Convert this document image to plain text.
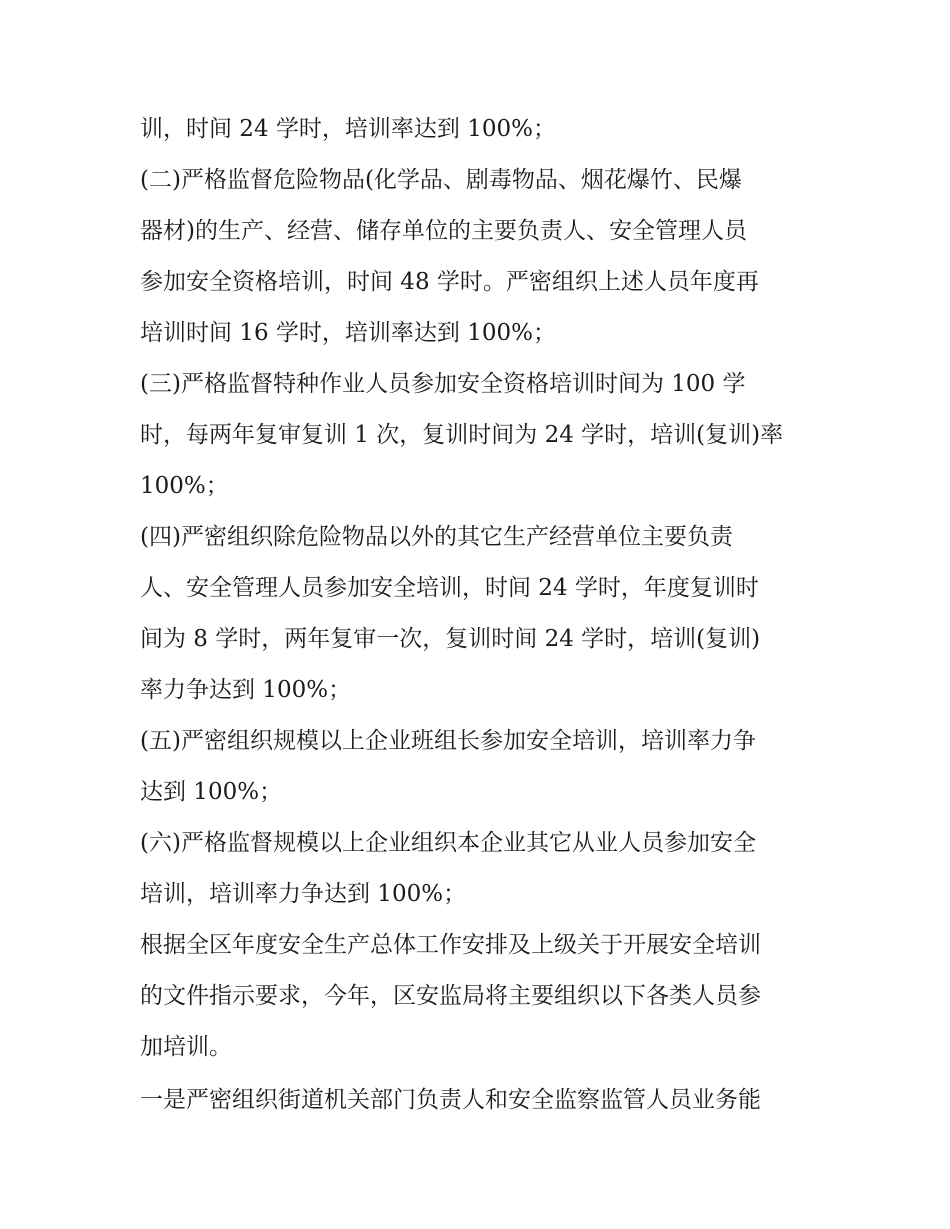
训，时间 24 学时，培训率达到 100%；
(二)严格监督危险物品(化学品、剧毒物品、烟花爆竹、民爆
器材)的生产、经营、储存单位的主要负责人、安全管理人员
参加安全资格培训，时间 48 学时。严密组织上述人员年度再
培训时间 16 学时，培训率达到 100%；
(三)严格监督特种作业人员参加安全资格培训时间为 100 学
时，每两年复审复训 1 次，复训时间为 24 学时，培训(复训)率
100%；
(四)严密组织除危险物品以外的其它生产经营单位主要负责
人、安全管理人员参加安全培训，时间 24 学时，年度复训时
间为 8 学时，两年复审一次，复训时间 24 学时，培训(复训)
率力争达到 100%；
(五)严密组织规模以上企业班组长参加安全培训，培训率力争
达到 100%；
(六)严格监督规模以上企业组织本企业其它从业人员参加安全
培训，培训率力争达到 100%；
根据全区年度安全生产总体工作安排及上级关于开展安全培训
的文件指示要求，今年，区安监局将主要组织以下各类人员参
加培训。
一是严密组织街道机关部门负责人和安全监察监管人员业务能
